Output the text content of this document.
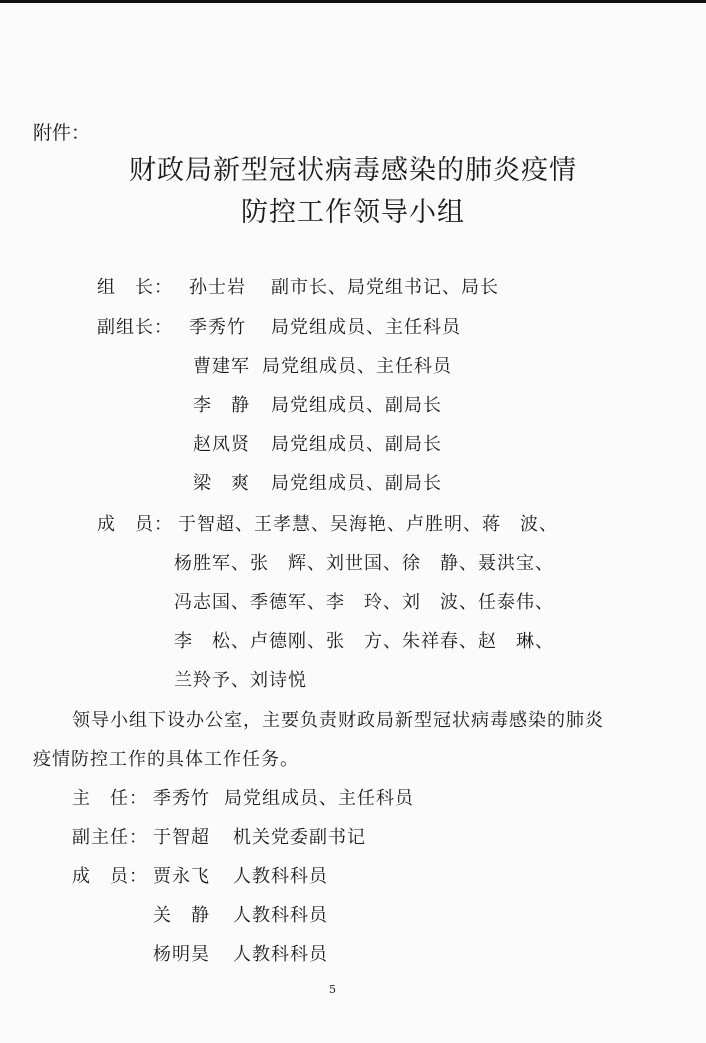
附件：
财政局新型冠状病毒感染的肺炎疫情
防控工作领导小组
组　长： 孙士岩 副市长、局党组书记、局长
副组长： 季秀竹 局党组成员、主任科员
曹建军 局党组成员、主任科员
李　静 局党组成员、副局长
赵凤贤 局党组成员、副局长
梁　爽 局党组成员、副局长
成　员： 于智超、王孝慧、吴海艳、卢胜明、蒋　波、
杨胜军、张　辉、刘世国、徐　静、聂洪宝、
冯志国、季德军、李　玲、刘　波、任泰伟、
李　松、卢德刚、张　方、朱祥春、赵　琳、
兰羚予、刘诗悦
领导小组下设办公室，主要负责财政局新型冠状病毒感染的肺炎
疫情防控工作的具体工作任务。
主　任： 季秀竹 局党组成员、主任科员
副主任： 于智超 机关党委副书记
成　员： 贾永飞 人教科科员
关　静 人教科科员
杨明昊 人教科科员
5
